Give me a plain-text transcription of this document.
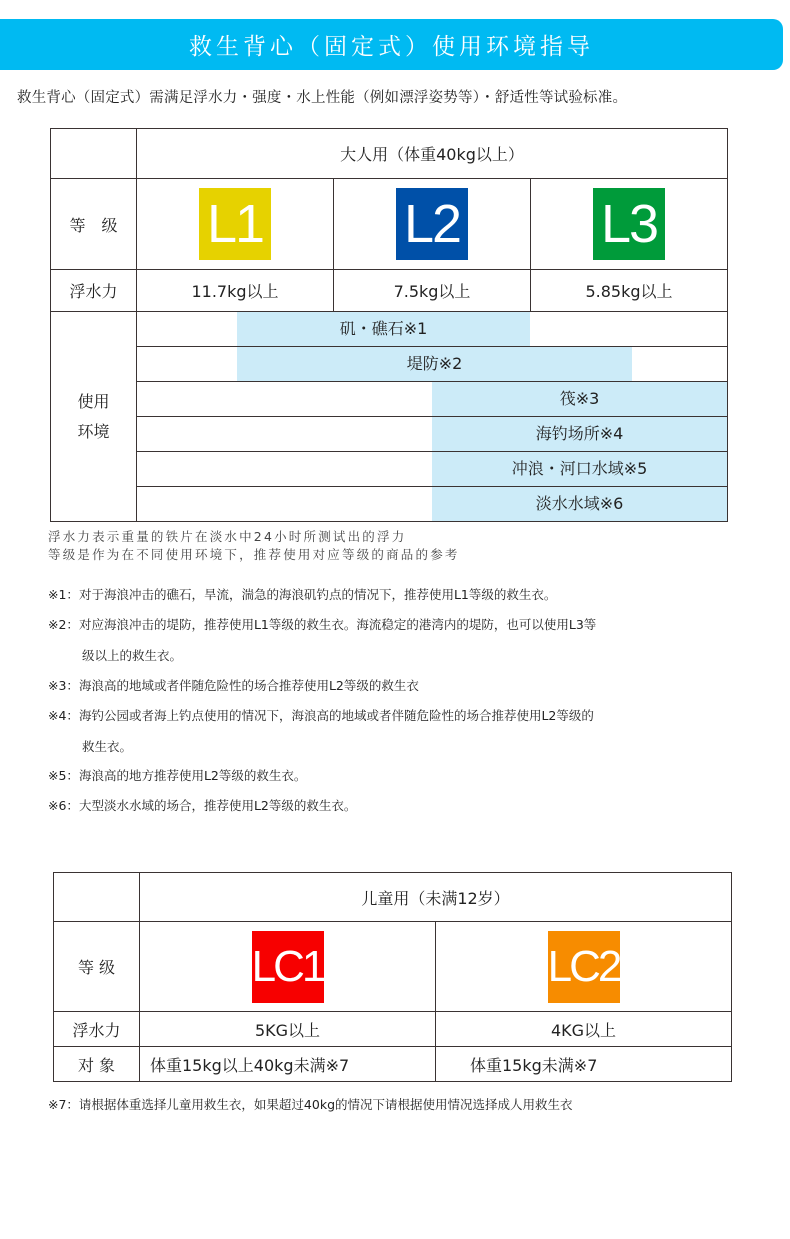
救生背心（固定式）使用环境指导
救生背心（固定式）需满足浮水力・强度・水上性能（例如漂浮姿势等）・舒适性等试验标准。
	大人用（体重40kg以上）
等　级	L1	L2	L3
浮水力	11.7kg以上	7.5kg以上	5.85kg以上

使用
环境

矶・礁石※1

堤防※2

筏※3

海钓场所※4

冲浪・河口水域※5

淡水水域※6
浮水力表示重量的铁片在淡水中24小时所测试出的浮力
等级是作为在不同使用环境下，推荐使用对应等级的商品的参考
※1：对于海浪冲击的礁石，旱流，湍急的海浪矶钓点的情况下，推荐使用L1等级的救生衣。
※2：对应海浪冲击的堤防，推荐使用L1等级的救生衣。海流稳定的港湾内的堤防，也可以使用L3等
级以上的救生衣。
※3：海浪高的地域或者伴随危险性的场合推荐使用L2等级的救生衣
※4：海钓公园或者海上钓点使用的情况下，海浪高的地域或者伴随危险性的场合推荐使用L2等级的
救生衣。
※5：海浪高的地方推荐使用L2等级的救生衣。
※6：大型淡水水域的场合，推荐使用L2等级的救生衣。
	儿童用（未满12岁）
等 级	LC1	LC2
浮水力	5KG以上	4KG以上
对 象	体重15kg以上40kg未满※7	体重15kg未满※7
※7：请根据体重选择儿童用救生衣，如果超过40kg的情况下请根据使用情况选择成人用救生衣
